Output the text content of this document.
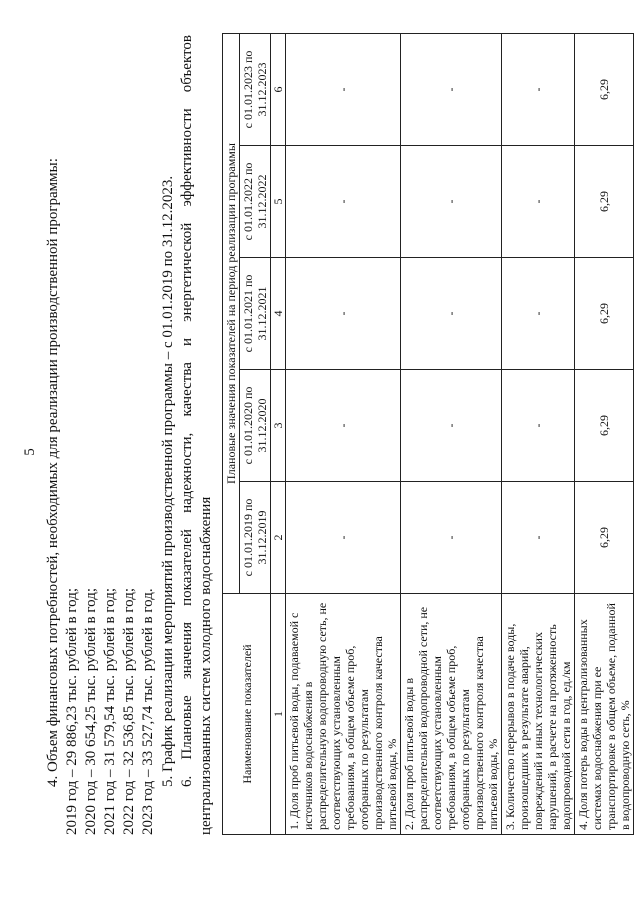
5 4. Объем финансовых потребностей, необходимых для реализации производственной программы: 2019 год – 29 886,23 тыс. рублей в год; 2020 год – 30 654,25 тыс. рублей в год; 2021 год – 31 579,54 тыс. рублей в год; 2022 год – 32 536,85 тыс. рублей в год; 2023 год – 33 527,74 тыс. рублей в год. 5. График реализации мероприятий производственной программы – с 01.01.2019 по 31.12.2023. 6. Плановые значения показателей надежности, качества и энергетической эффективности объектов централизованных систем холодного водоснабжения Наименование показателей	Плановые значения показателей на период реализации программы				
	с 01.01.2019 по 31.12.2019	с 01.01.2020 по 31.12.2020	с 01.01.2021 по 31.12.2021	с 01.01.2022 по 31.12.2022	с 01.01.2023 по 31.12.2023
1	2	3	4	5	6
1. Доля проб питьевой воды, подаваемой с источников водоснабжения в распределительную водопроводную сеть, не соответствующих установленным требованиям, в общем объеме проб, отобранных по результатам производственного контроля качества питьевой воды, %	-	-	-	-	-
2. Доля проб питьевой воды в распределительной водопроводной сети, не соответствующих установленным требованиям, в общем объеме проб, отобранных по результатам производственного контроля качества питьевой воды, %	-	-	-	-	-
3. Количество перерывов в подаче воды, произошедших в результате аварий, повреждений и иных технологических нарушений, в расчете на протяженность водопроводной сети в год, ед./км	-	-	-	-	-
4. Доля потерь воды в централизованных системах водоснабжения при ее транспортировке в общем объеме, поданной в водопроводную сеть, %	6,29	6,29	6,29	6,29	6,29
